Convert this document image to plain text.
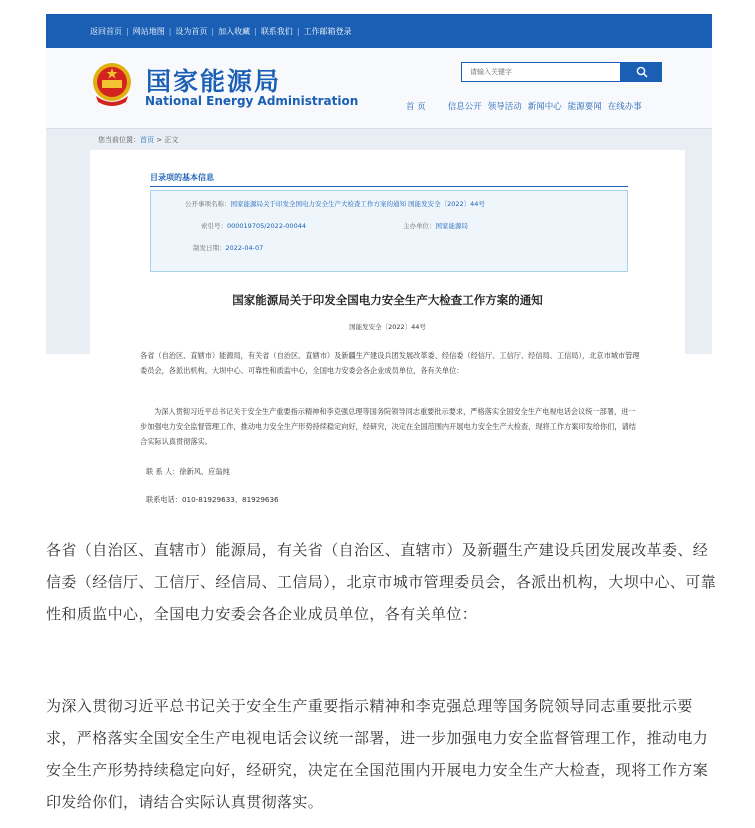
返回首页 | 网站地图 | 设为首页 | 加入收藏 | 联系我们 | 工作邮箱登录
国家能源局
National Energy Administration
请输入关键字
首 页	信息公开 领导活动 新闻中心 能源要闻 在线办事
您当前位置：首页 > 正文
目录项的基本信息
公开事项名称：国家能源局关于印发全国电力安全生产大检查工作方案的通知 国能发安全〔2022〕44号
索引号：000019705/2022-00044	主办单位：国家能源局
制发日期：2022-04-07
国家能源局关于印发全国电力安全生产大检查工作方案的通知
国能发安全〔2022〕44号

各省（自治区、直辖市）能源局，有关省（自治区、直辖市）及新疆生产建设兵团发展改革委、经信委（经信厅、工信厅、经信局、工信局），北京市城市管理委员会，各派出机构，大坝中心、可靠性和质监中心，全国电力安委会各企业成员单位，各有关单位：

为深入贯彻习近平总书记关于安全生产重要指示精神和李克强总理等国务院领导同志重要批示要求，严格落实全国安全生产电视电话会议统一部署，进一步加强电力安全监督管理工作，推动电力安全生产形势持续稳定向好，经研究，决定在全国范围内开展电力安全生产大检查，现将工作方案印发给你们，请结合实际认真贯彻落实。

联 系 人：徐新风、应翁纯

联系电话：010-81929633、81929636

各省（自治区、直辖市）能源局，有关省（自治区、直辖市）及新疆生产建设兵团发展改革委、经信委（经信厅、工信厅、经信局、工信局），北京市城市管理委员会，各派出机构，大坝中心、可靠性和质监中心，全国电力安委会各企业成员单位，各有关单位：
为深入贯彻习近平总书记关于安全生产重要指示精神和李克强总理等国务院领导同志重要批示要求，严格落实全国安全生产电视电话会议统一部署，进一步加强电力安全监督管理工作，推动电力安全生产形势持续稳定向好，经研究，决定在全国范围内开展电力安全生产大检查，现将工作方案印发给你们，请结合实际认真贯彻落实。
